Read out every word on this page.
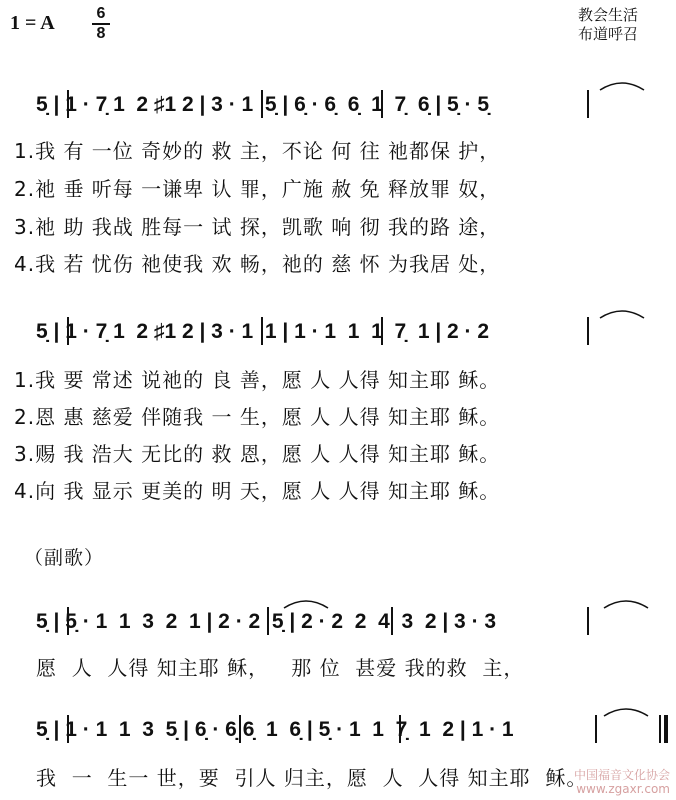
1 = A	6
8
教会生活
布道呼召
5̣ | 1 · 7̣ 1  2 ♯1 2 | 3 · 1  5̣ | 6̣ · 6̣  6̣  1  7̣  6̣ | 5̣ · 5̣
1.我 有 一位 奇妙的 救 主，不论 何 往 祂都保 护，
2.祂 垂 听每 一谦卑 认 罪，广施 赦 免 释放罪 奴，
3.祂 助 我战 胜每一 试 探，凯歌 响 彻 我的路 途，
4.我 若 忧伤 祂使我 欢 畅，祂的 慈 怀 为我居 处，
5̣ | 1 · 7̣ 1  2 ♯1 2 | 3 · 1  1 | 1 · 1  1  1  7̣  1 | 2 · 2
1.我 要 常述 说祂的 良 善，愿 人 人得 知主耶 稣。
2.恩 惠 慈爱 伴随我 一 生，愿 人 人得 知主耶 稣。
3.赐 我 浩大 无比的 救 恩，愿 人 人得 知主耶 稣。
4.向 我 显示 更美的 明 天，愿 人 人得 知主耶 稣。
（副歌）
5̣ | 5̣ · 1  1  3  2  1 | 2 · 2  5̣ | 2 · 2  2  4  3  2 | 3 · 3
愿  人  人得 知主耶 稣，   那 位  甚爱 我的救  主，
5̣ | 1 · 1  1  3  5̣ | 6̣ · 6̣ 6̣  1  6̣ | 5̣ · 1  1  7̣  1  2 | 1 · 1
我  一  生一 世，要  引人 归主，愿  人  人得 知主耶  稣。
中国福音文化协会
www.zgaxr.com
